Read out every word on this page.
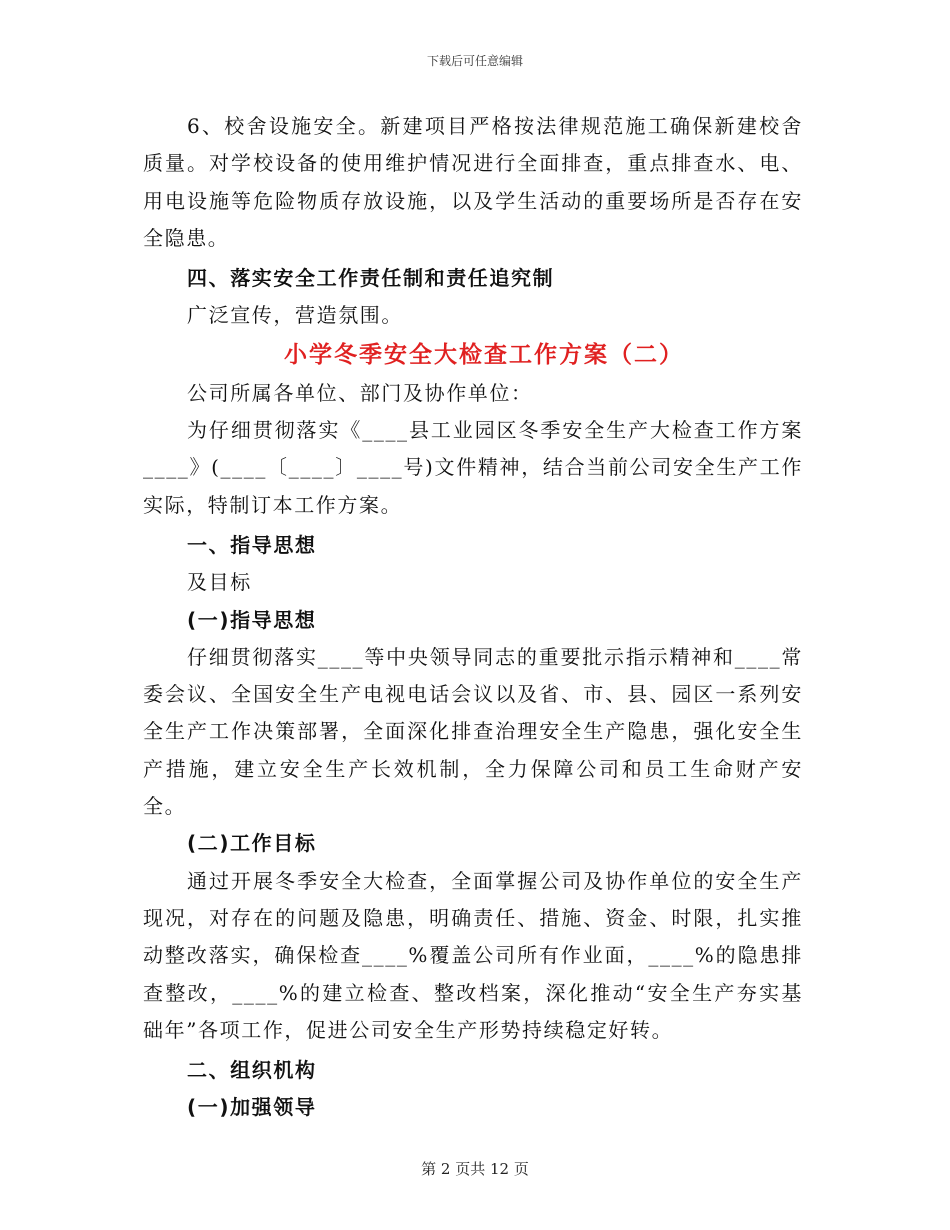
下载后可任意编辑

6、校舍设施安全。新建项目严格按法律规范施工确保新建校舍质量。对学校设备的使用维护情况进行全面排查，重点排查水、电、用电设施等危险物质存放设施，以及学生活动的重要场所是否存在安全隐患。

四、落实安全工作责任制和责任追究制

广泛宣传，营造氛围。

小学冬季安全大检查工作方案（二）

公司所属各单位、部门及协作单位：

为仔细贯彻落实《____县工业园区冬季安全生产大检查工作方案____》(____〔____〕____号)文件精神，结合当前公司安全生产工作实际，特制订本工作方案。

一、指导思想

及目标

(一)指导思想

仔细贯彻落实____等中央领导同志的重要批示指示精神和____常委会议、全国安全生产电视电话会议以及省、市、县、园区一系列安全生产工作决策部署，全面深化排查治理安全生产隐患，强化安全生产措施，建立安全生产长效机制，全力保障公司和员工生命财产安全。

(二)工作目标

通过开展冬季安全大检查，全面掌握公司及协作单位的安全生产现况，对存在的问题及隐患，明确责任、措施、资金、时限，扎实推动整改落实，确保检查____%覆盖公司所有作业面，____%的隐患排查整改，____%的建立检查、整改档案，深化推动“安全生产夯实基础年”各项工作，促进公司安全生产形势持续稳定好转。

二、组织机构

(一)加强领导

第 2 页共 12 页
